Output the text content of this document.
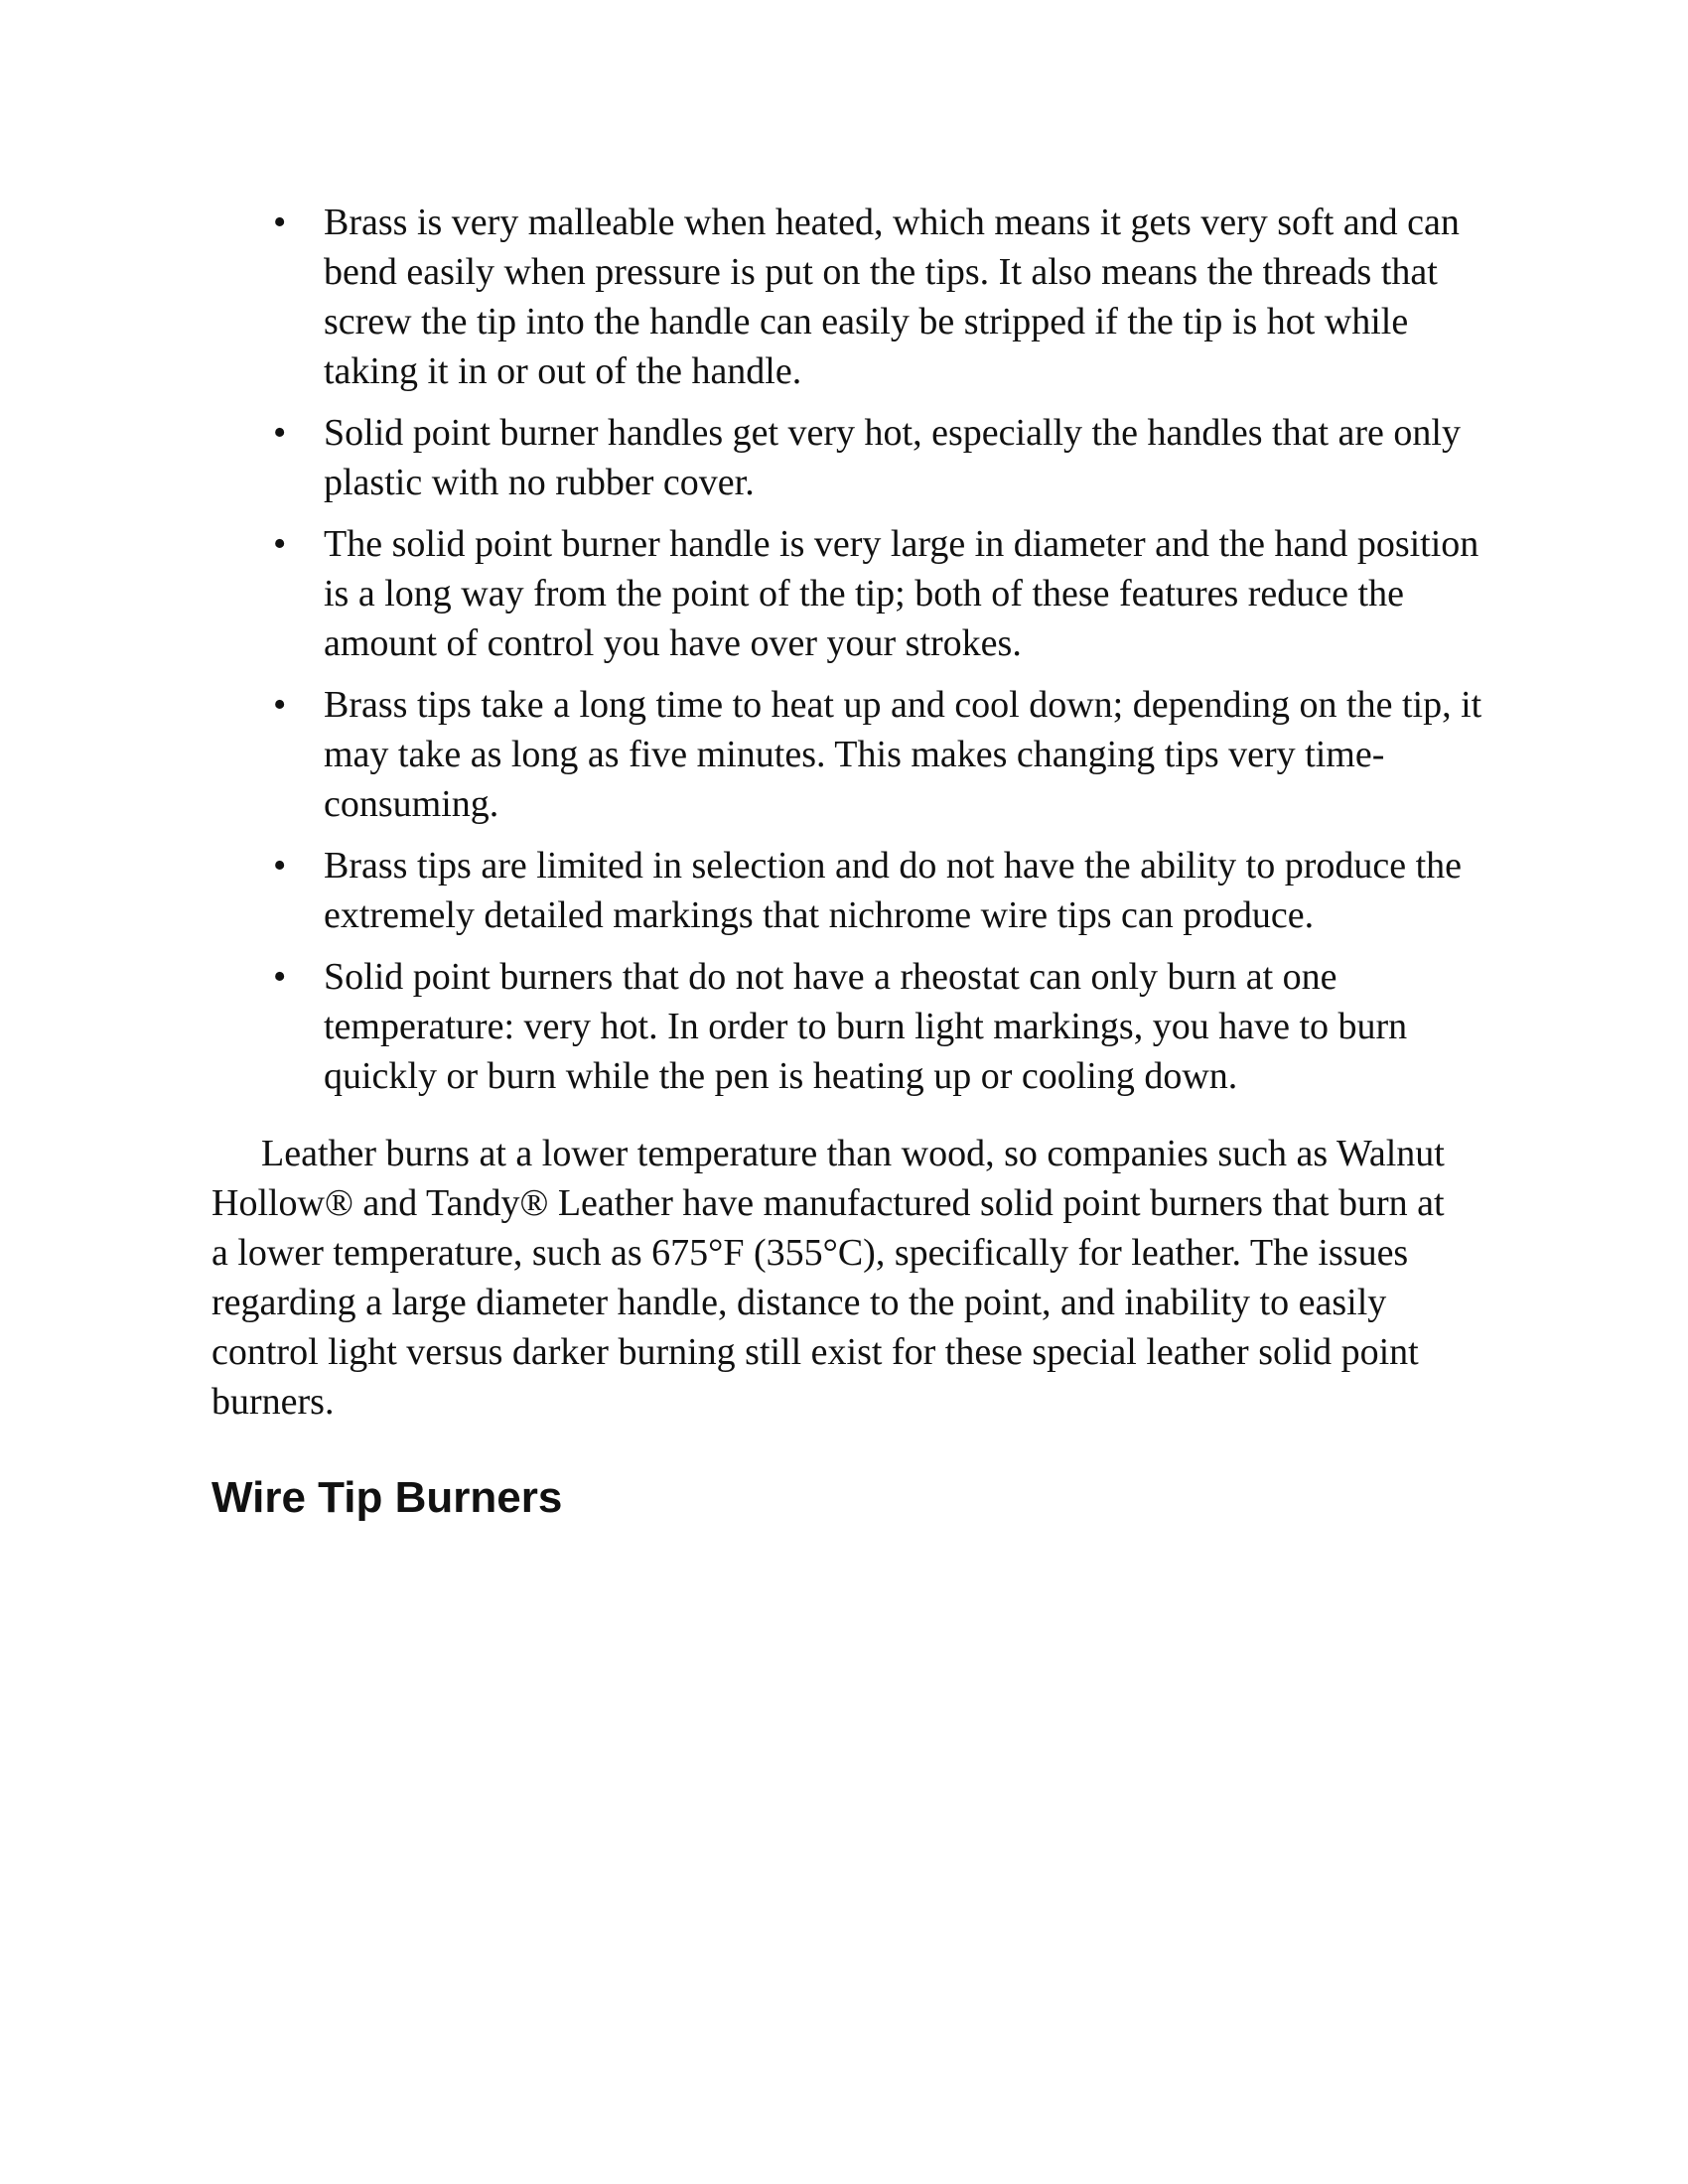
• Brass is very malleable when heated, which means it gets very soft and can bend easily when pressure is put on the tips. It also means the threads that screw the tip into the handle can easily be stripped if the tip is hot while taking it in or out of the handle.
• Solid point burner handles get very hot, especially the handles that are only plastic with no rubber cover.
• The solid point burner handle is very large in diameter and the hand position is a long way from the point of the tip; both of these features reduce the amount of control you have over your strokes.
• Brass tips take a long time to heat up and cool down; depending on the tip, it may take as long as five minutes. This makes changing tips very time-consuming.
• Brass tips are limited in selection and do not have the ability to produce the extremely detailed markings that nichrome wire tips can produce.
• Solid point burners that do not have a rheostat can only burn at one temperature: very hot. In order to burn light markings, you have to burn quickly or burn while the pen is heating up or cooling down.

Leather burns at a lower temperature than wood, so companies such as Walnut Hollow® and Tandy® Leather have manufactured solid point burners that burn at a lower temperature, such as 675°F (355°C), specifically for leather. The issues regarding a large diameter handle, distance to the point, and inability to easily control light versus darker burning still exist for these special leather solid point burners.

Wire Tip Burners
